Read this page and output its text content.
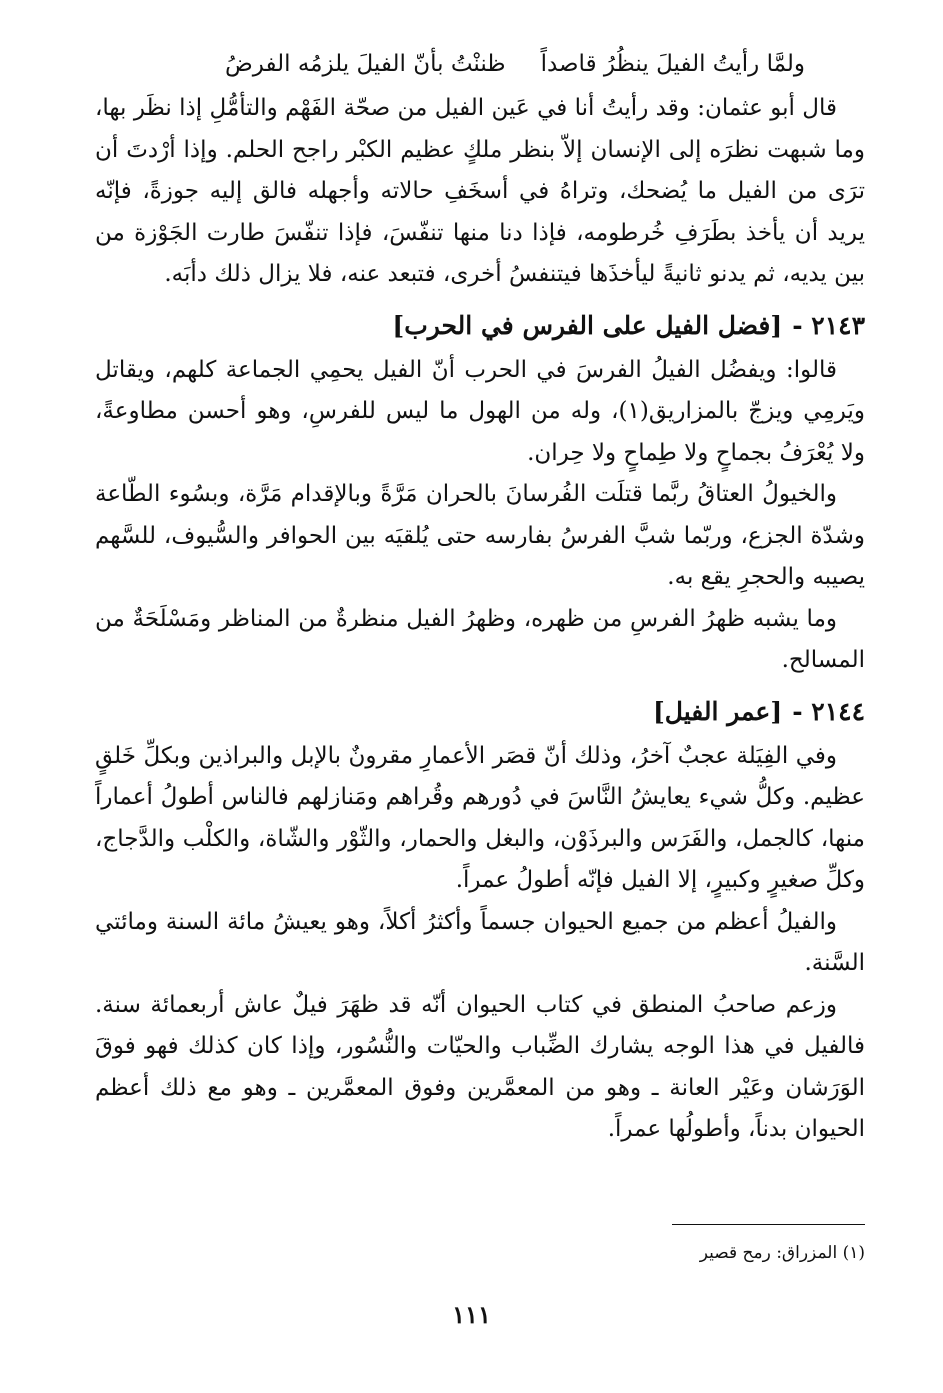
ولمَّا رأيتُ الفيلَ ينظُرُ قاصداً
ظننْتُ بأنّ الفيلَ يلزمُه الفرضُ

قال أبو عثمان: وقد رأيتُ أنا في عَين الفيل من صحّة الفَهْم والتأمُّلِ إذا نظَر بها، وما شبهت نظرَه إلى الإنسان إلاّ بنظر ملكٍ عظيم الكبْر راجح الحلم. وإذا أرْدتَ أن ترَى من الفيل ما يُضحك، وتراهُ في أسخَفِ حالاته وأجهله فالق إليه جوزةً، فإنّه يريد أن يأخذ بطَرَفِ خُرطومه، فإذا دنا منها تنفّسَ، فإذا تنفّسَ طارت الجَوْزة من بين يديه، ثم يدنو ثانيةً ليأخذَها فيتنفسُ أخرى، فتبعد عنه، فلا يزال ذلك دأبَه.

٢١٤٣ -[فضل الفيل على الفرس في الحرب]

قالوا: ويفضُل الفيلُ الفرسَ في الحرب أنّ الفيل يحمِي الجماعة كلهم، ويقاتل ويَرمِي ويزجّ بالمزاريق(١)، وله من الهول ما ليس للفرسِ، وهو أحسن مطاوعةً، ولا يُعْرَفُ بجماحٍ ولا طِماحٍ ولا حِران.

والخيولُ العتاقُ ربَّما قتلَت الفُرسانَ بالحران مَرَّةً وبالإقدام مَرَّة، وبسُوء الطّاعة وشدّة الجزع، وربّما شبَّ الفرسُ بفارسه حتى يُلقيَه بين الحوافر والسُّيوف، للسَّهم يصيبه والحجرِ يقع به.

وما يشبه ظهرُ الفرسِ من ظهره، وظهرُ الفيل منظرةٌ من المناظر ومَسْلَحَةٌ من المسالح.

٢١٤٤ -[عمر الفيل]

وفي الفِيَلة عجبٌ آخرُ، وذلك أنّ قصَر الأعمارِ مقرونٌ بالإبل والبراذين وبكلِّ خَلقٍ عظيم. وكلُّ شيء يعايشُ النَّاسَ في دُورهم وقُراهم ومَنازلهم فالناس أطولُ أعماراً منها، كالجمل، والفَرَس والبرذَوْن، والبغل والحمار، والثّوْر والشّاة، والكلْب والدَّجاج، وكلِّ صغيرٍ وكبيرٍ، إلا الفيل فإنّه أطولُ عمراً.

والفيلُ أعظم من جميع الحيوان جسماً وأكثرُ أكلاً، وهو يعيشُ مائة السنة ومائتي السَّنة.

وزعم صاحبُ المنطق في كتاب الحيوان أنّه قد ظهَرَ فيلٌ عاش أربعمائة سنة. فالفيل في هذا الوجه يشارك الضِّباب والحيّات والنُّسُور، وإذا كان كذلك فهو فوقَ الوَرَشان وعَيْر العانة ـ وهو من المعمَّرين وفوق المعمَّرين ـ وهو مع ذلك أعظم الحيوان بدناً، وأطولُها عمراً.

(١) المزراق: رمح قصير
١١١
